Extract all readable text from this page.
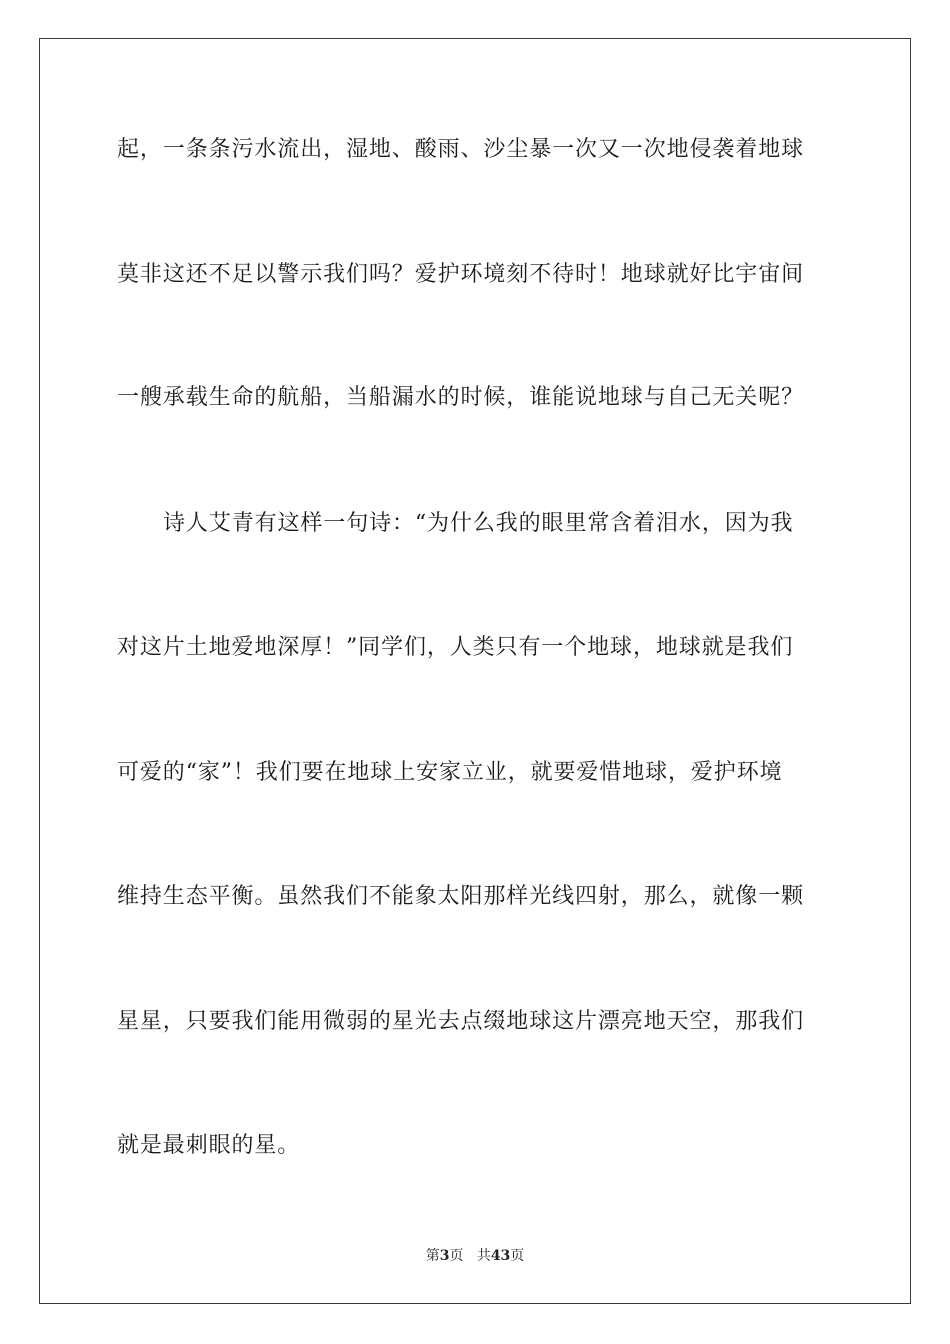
起，一条条污水流出，湿地、酸雨、沙尘暴一次又一次地侵袭着地球
莫非这还不足以警示我们吗？爱护环境刻不待时！地球就好比宇宙间
一艘承载生命的航船，当船漏水的时候，谁能说地球与自己无关呢？
诗人艾青有这样一句诗：“为什么我的眼里常含着泪水，因为我
对这片土地爱地深厚！”同学们，人类只有一个地球，地球就是我们
可爱的“家”！我们要在地球上安家立业，就要爱惜地球，爱护环境
维持生态平衡。虽然我们不能象太阳那样光线四射，那么，就像一颗
星星，只要我们能用微弱的星光去点缀地球这片漂亮地天空，那我们
就是最刺眼的星。
第3页 共43页
